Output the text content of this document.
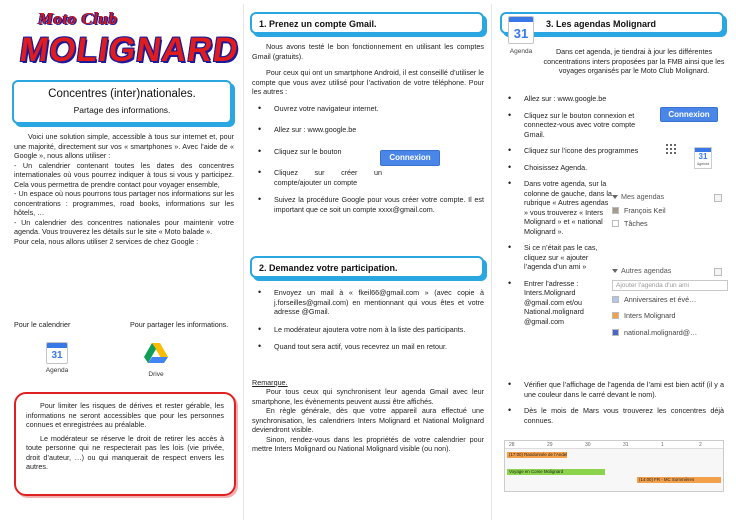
Moto Club
MOLIGNARD
Concentres (inter)nationales.
Partage des informations.

Voici une solution simple, accessible à tous sur internet et, pour une majorité, directement sur vos « smartphones ». Avec l’aide de « Google », nous allons utiliser :

- Un calendrier contenant toutes les dates des concentres internationales où vous pourrez indiquer à tous si vous y participez. Cela vous permettra de prendre contact pour voyager ensemble,

- Un espace où nous pourrons tous partager nos informations sur les concentrations : programmes, road books, informations sur les hôtels, …

- Un calendrier des concentres nationales pour maintenir votre agenda. Vous trouverez les détails sur le site « Moto balade ».

Pour cela, nous allons utiliser 2 services de chez Google :

Pour le calendrier	Pour partager les informations.
31
Agenda
Drive

Pour limiter les risques de dérives et rester gérable, les informations ne seront accessibles que pour les personnes connues et enregistrées au préalable.

Le modérateur se réserve le droit de retirer les accès à toute personne qui ne respecterait pas les lois (vie privée, droit d’auteur, …) ou qui manquerait de respect envers les autres.

1. Prenez un compte Gmail.

Nous avons testé le bon fonctionnement en utilisant les comptes Gmail (gratuits).

Pour ceux qui ont un smartphone Android, il est conseillé d’utiliser le compte que vous avez utilisé pour l’activation de votre téléphone. Pour les autres :

• Ouvrez votre navigateur internet.
• Allez sur : www.google.be
• Cliquez sur le bouton
• Cliquez sur créer un compte/ajouter un compte
• Suivez la procédure Google pour vous créer votre compte. Il est important que ce soit un compte xxxx@gmail.com.
Connexion
2. Demandez votre participation.
• Envoyez un mail à « fkeil66@gmail.com » (avec copie à j.forseilles@gmail.com) en mentionnant qui vous êtes et votre adresse @Gmail.
• Le modérateur ajoutera votre nom à la liste des participants.
• Quand tout sera actif, vous recevrez un mail en retour.

Remarque.

Pour tous ceux qui synchronisent leur agenda Gmail avec leur smartphone, les évènements peuvent aussi être affichés.

En règle générale, dès que votre appareil aura effectué une synchronisation, les calendriers Inters Molignard et National Molignard deviendront visible.

Sinon, rendez-vous dans les propriétés de votre calendrier pour mettre Inters Molignard ou National Molignard visible (ou non).

3. Les agendas Molignard
31
Agenda	Dans cet agenda, je tiendrai à jour les différentes concentrations inters proposées par la FMB ainsi que les voyages organisés par le Moto Club Molignard.
• Allez sur : www.google.be
• Cliquez sur le bouton connexion et connectez-vous avec votre compte Gmail.
• Cliquez sur l’icone des programmes
• Choisissez Agenda.
• Dans votre agenda, sur la colonne de gauche, dans la rubrique « Autres agendas » vous trouverez « Inters Molignard » et « national Molignard ».
• Si ce n’était pas le cas, cliquez sur « ajouter l’agenda d’un ami »
• Entrer l’adresse : Inters.Molignard @gmail.com et/ou National.molignard @gmail.com
• Vérifier que l’affichage de l’agenda de l’ami est bien actif (il y a une couleur dans le carré devant le nom).
• Dès le mois de Mars vous trouverez les concentres déjà connues.
Connexion
31
Agenda
Mes agendas
François Keil
Tâches
Autres agendas
Ajouter l'agenda d'un ami
Anniversaires et évé…
Inters Molignard
national.molignard@…
28	29	30	31	1	2
(17:00) Randonnée de l'Andel
Voyage en Corse Molignard
(14:00) FR - MC Sommières
